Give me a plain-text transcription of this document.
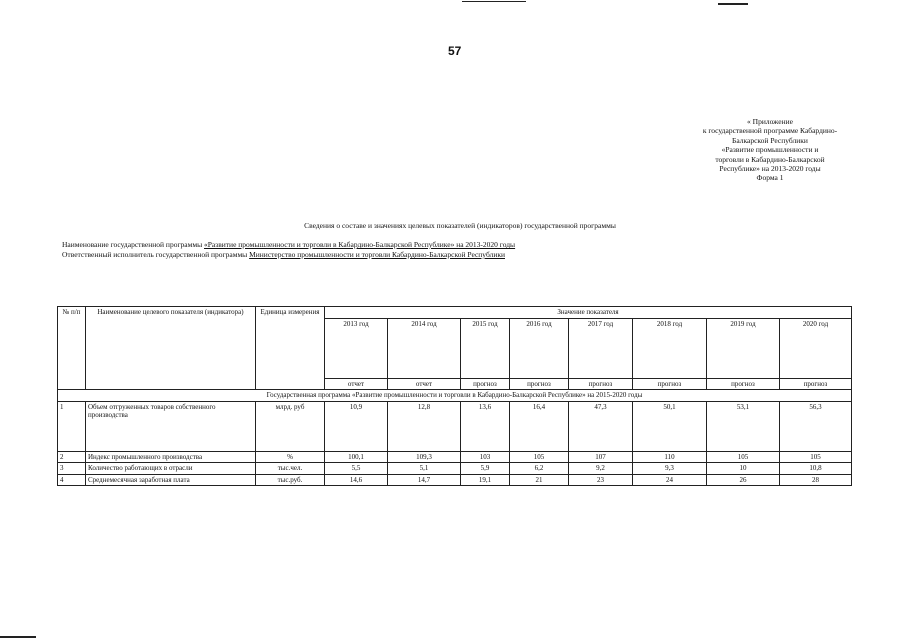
57
« Приложение
к государственной программе Кабардино-
Балкарской Республики
«Развитие промышленности и
торговли в Кабардино-Балкарской
Республике» на 2013-2020 годы
Форма 1
Сведения о составе и значениях целевых показателей (индикаторов) государственной программы
Наименование государственной программы «Развитие промышленности и торговли в Кабардино-Балкарской Республике» на 2013-2020 годы
Ответственный исполнитель государственной программы Министерство промышленности и торговли Кабардино-Балкарской Республики
№ п/п	Наименование целевого показателя (индикатора)	Единица измерения	Значение показателя							
			2013 год	2014 год	2015 год	2016 год	2017 год	2018 год	2019 год	2020 год
			отчет	отчет	прогноз	прогноз	прогноз	прогноз	прогноз	прогноз
Государственная программа «Развитие промышленности и торговли в Кабардино-Балкарской Республике» на 2015-2020 годы										
1	Объем отгруженных товаров собственного производства	млрд. руб	10,9	12,8	13,6	16,4	47,3	50,1	53,1	56,3
2	Индекс промышленного производства	%	100,1	109,3	103	105	107	110	105	105
3	Количество работающих в отрасли	тыс.чел.	5,5	5,1	5,9	6,2	9,2	9,3	10	10,8
4	Среднемесячная заработная плата	тыс.руб.	14,6	14,7	19,1	21	23	24	26	28
